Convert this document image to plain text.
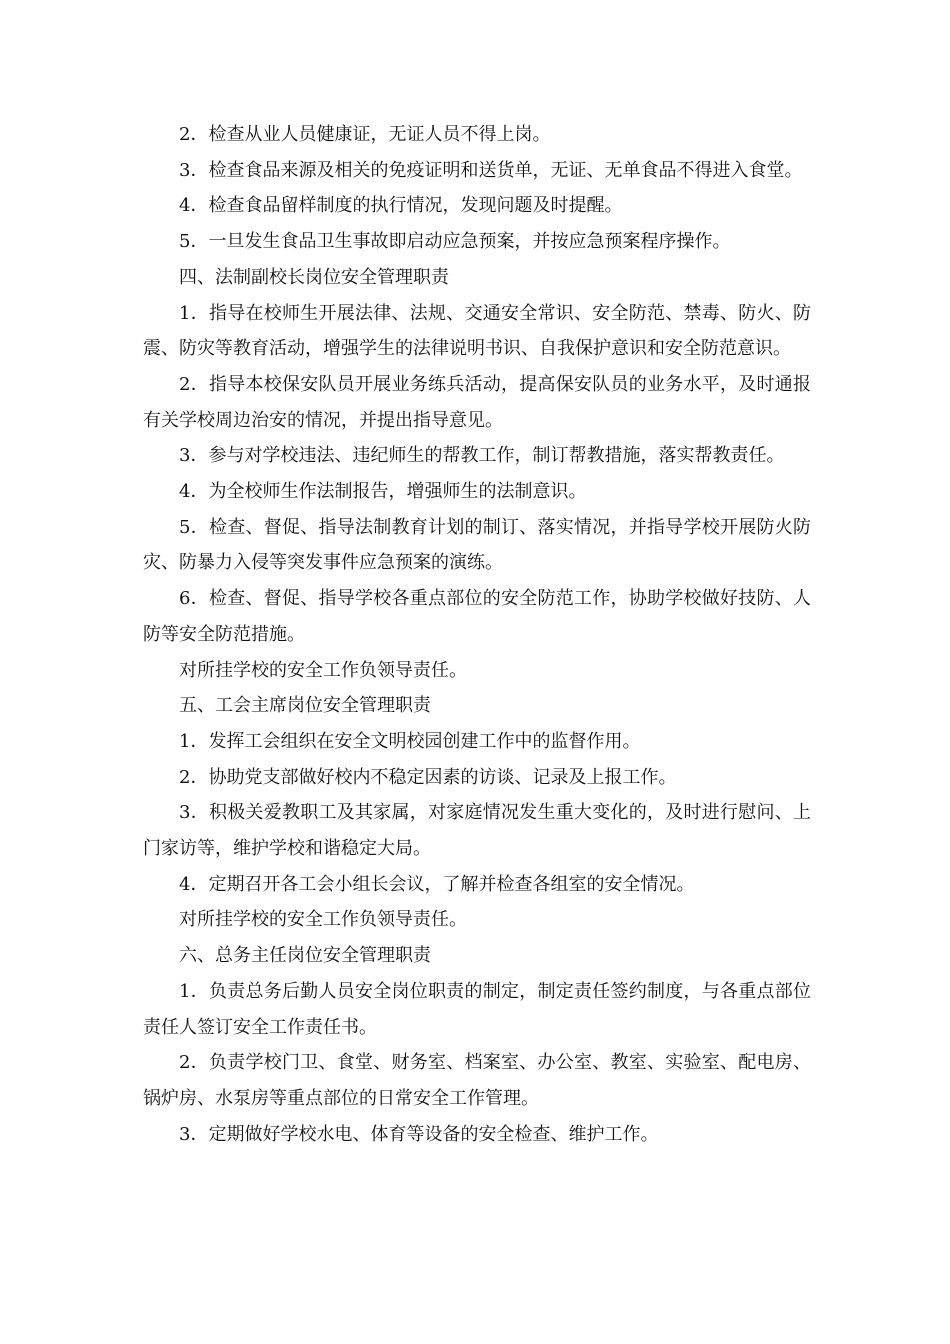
2．检查从业人员健康证，无证人员不得上岗。

3．检查食品来源及相关的免疫证明和送货单，无证、无单食品不得进入食堂。

4．检查食品留样制度的执行情况，发现问题及时提醒。

5．一旦发生食品卫生事故即启动应急预案，并按应急预案程序操作。

四、法制副校长岗位安全管理职责

1．指导在校师生开展法律、法规、交通安全常识、安全防范、禁毒、防火、防震、防灾等教育活动，增强学生的法律说明书识、自我保护意识和安全防范意识。

2．指导本校保安队员开展业务练兵活动，提高保安队员的业务水平，及时通报有关学校周边治安的情况，并提出指导意见。

3．参与对学校违法、违纪师生的帮教工作，制订帮教措施，落实帮教责任。

4．为全校师生作法制报告，增强师生的法制意识。

5．检查、督促、指导法制教育计划的制订、落实情况，并指导学校开展防火防灾、防暴力入侵等突发事件应急预案的演练。

6．检查、督促、指导学校各重点部位的安全防范工作，协助学校做好技防、人防等安全防范措施。

对所挂学校的安全工作负领导责任。

五、工会主席岗位安全管理职责

1．发挥工会组织在安全文明校园创建工作中的监督作用。

2．协助党支部做好校内不稳定因素的访谈、记录及上报工作。

3．积极关爱教职工及其家属，对家庭情况发生重大变化的，及时进行慰问、上门家访等，维护学校和谐稳定大局。

4．定期召开各工会小组长会议，了解并检查各组室的安全情况。

对所挂学校的安全工作负领导责任。

六、总务主任岗位安全管理职责

1．负责总务后勤人员安全岗位职责的制定，制定责任签约制度，与各重点部位责任人签订安全工作责任书。

2．负责学校门卫、食堂、财务室、档案室、办公室、教室、实验室、配电房、锅炉房、水泵房等重点部位的日常安全工作管理。

3．定期做好学校水电、体育等设备的安全检查、维护工作。
